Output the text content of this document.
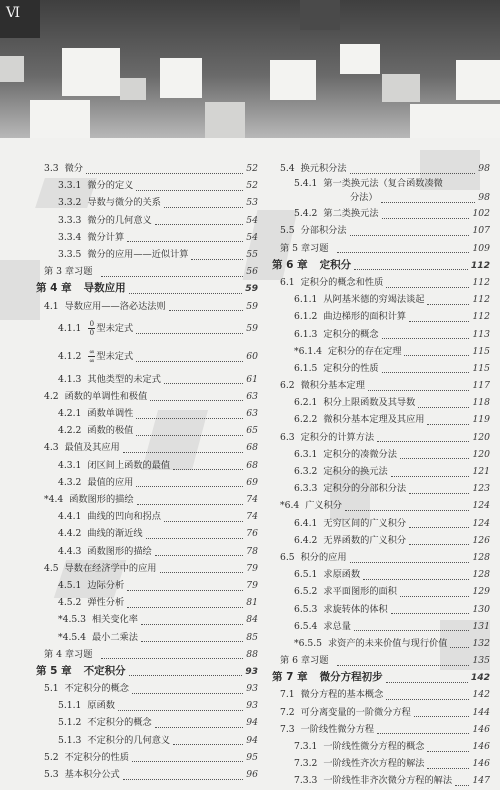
Ⅵ
3.3 微分	52
3.3.1 微分的定义	52
3.3.2 导数与微分的关系	53
3.3.3 微分的几何意义	54
3.3.4 微分计算	54
3.3.5 微分的应用——近似计算	55
第 3 章习题	56
第 4 章 导数应用	59
4.1 导数应用——洛必达法则	59
$4.1.1 \frac{0}{0}$ 型未定式	59
$4.1.2 \frac{\infty}{\infty}$ 型未定式	60
4.1.3 其他类型的未定式	61
4.2 函数的单调性和极值	63
4.2.1 函数单调性	63
4.2.2 函数的极值	65
4.3 最值及其应用	68
4.3.1 闭区间上函数的最值	68
4.3.2 最值的应用	69
*4.4 函数图形的描绘	74
4.4.1 曲线的凹向和拐点	74
4.4.2 曲线的渐近线	76
4.4.3 函数图形的描绘	78
4.5 导数在经济学中的应用	79
4.5.1 边际分析	79
4.5.2 弹性分析	81
*4.5.3 相关变化率	84
*4.5.4 最小二乘法	85
第 4 章习题	88
第 5 章 不定积分	93
5.1 不定积分的概念	93
5.1.1 原函数	93
5.1.2 不定积分的概念	94
5.1.3 不定积分的几何意义	94
5.2 不定积分的性质	95
5.3 基本积分公式	96
5.4 换元积分法	98
5.4.1 第一类换元法（复合函数凑微
分法）	98
5.4.2 第二类换元法	102
5.5 分部积分法	107
第 5 章习题	109
第 6 章 定积分	112
6.1 定积分的概念和性质	112
6.1.1 从阿基米德的穷竭法谈起	112
6.1.2 曲边梯形的面积计算	112
6.1.3 定积分的概念	113
*6.1.4 定积分的存在定理	115
6.1.5 定积分的性质	115
6.2 微积分基本定理	117
6.2.1 积分上限函数及其导数	118
6.2.2 微积分基本定理及其应用	119
6.3 定积分的计算方法	120
6.3.1 定积分的凑微分法	120
6.3.2 定积分的换元法	121
6.3.3 定积分的分部积分法	123
*6.4 广义积分	124
6.4.1 无穷区间的广义积分	124
6.4.2 无界函数的广义积分	126
6.5 积分的应用	128
6.5.1 求原函数	128
6.5.2 求平面图形的面积	129
6.5.3 求旋转体的体积	130
6.5.4 求总量	131
*6.5.5 求资产的未来价值与现行价值	132
第 6 章习题	135
第 7 章 微分方程初步	142
7.1 微分方程的基本概念	142
7.2 可分离变量的一阶微分方程	144
7.3 一阶线性微分方程	146
7.3.1 一阶线性微分方程的概念	146
7.3.2 一阶线性齐次方程的解法	146
7.3.3 一阶线性非齐次微分方程的解法 147
